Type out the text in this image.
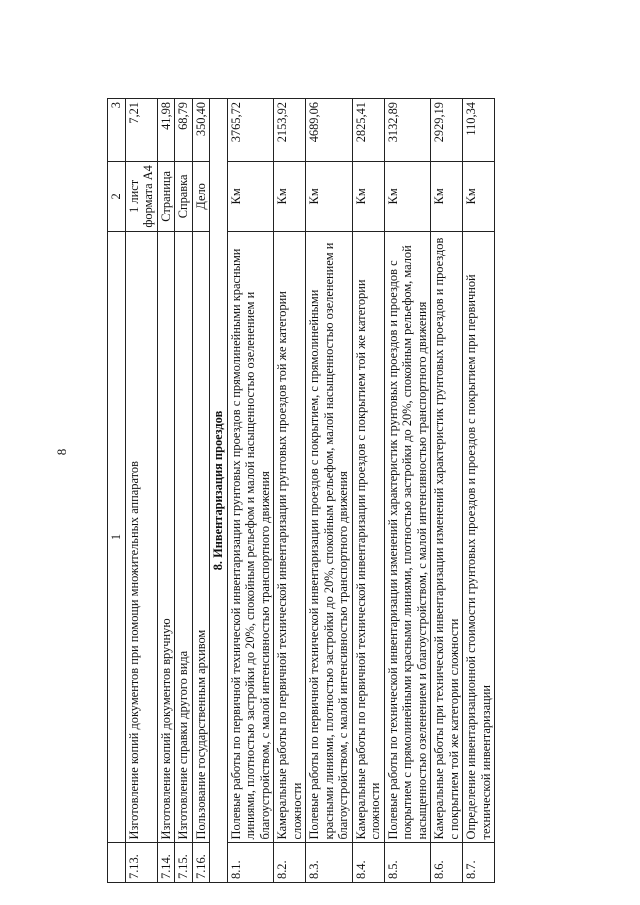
8
	1	2	3
7.13.	Изготовление копий документов при помощи множительных аппаратов	1 лист формата А4	7,21
7.14.	Изготовление копий документов вручную	Страница	41,98
7.15.	Изготовление справки другого вида	Справка	68,79
7.16.	Пользование государственным архивом	Дело	350,40
8. Инвентаризация проездов			
8.1.	Полевые работы по первичной технической инвентаризации грунтовых проездов с прямолинейными красными линиями, плотностью застройки до 20%, спокойным рельефом и малой насыщенностью озеленением и благоустройством, с малой интенсивностью транспортного движения	Км	3765,72
8.2.	Камеральные работы по первичной технической инвентаризации грунтовых проездов той же категории сложности	Км	2153,92
8.3.	Полевые работы по первичной технической инвентаризации проездов с покрытием, с прямолинейными красными линиями, плотностью застройки до 20%, спокойным рельефом, малой насыщенностью озеленением и благоустройством, с малой интенсивностью транспортного движения	Км	4689,06
8.4.	Камеральные работы по первичной технической инвентаризации проездов с покрытием той же категории сложности	Км	2825,41
8.5.	Полевые работы по технической инвентаризации изменений характеристик грунтовых проездов и проездов с покрытием с прямолинейными красными линиями, плотностью застройки до 20%, спокойным рельефом, малой насыщенностью озеленением и благоустройством, с малой интенсивностью транспортного движения	Км	3132,89
8.6.	Камеральные работы при технической инвентаризации изменений характеристик грунтовых проездов и проездов с покрытием той же категории сложности	Км	2929,19
8.7.	Определение инвентаризационной стоимости грунтовых проездов и проездов с покрытием при первичной технической инвентаризации	Км	110,34
